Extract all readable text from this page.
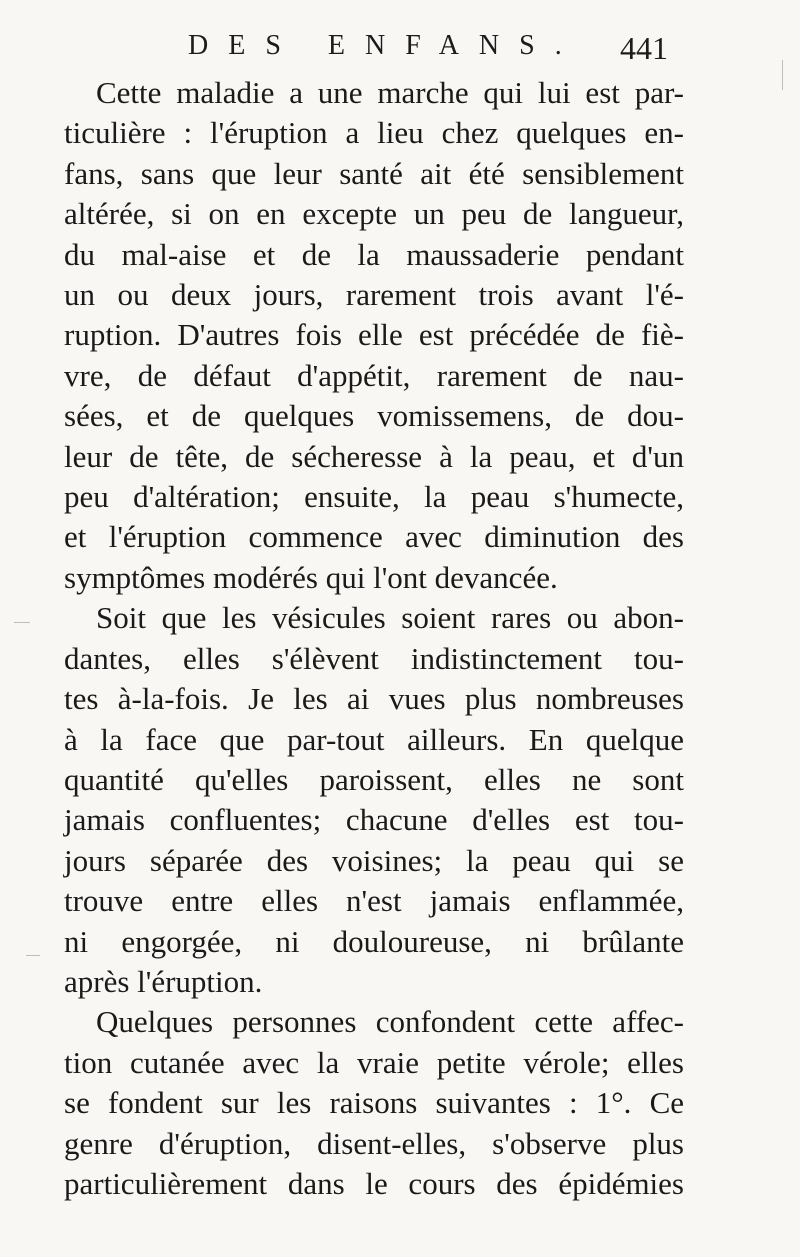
DES ENFANS. 441

Cette maladie a une marche qui lui est par-
ticulière : l'éruption a lieu chez quelques en-
fans, sans que leur santé ait été sensiblement
altérée, si on en excepte un peu de langueur,
du mal-aise et de la maussaderie pendant
un ou deux jours, rarement trois avant l'é-
ruption. D'autres fois elle est précédée de fiè-
vre, de défaut d'appétit, rarement de nau-
sées, et de quelques vomissemens, de dou-
leur de tête, de sécheresse à la peau, et d'un
peu d'altération; ensuite, la peau s'humecte,
et l'éruption commence avec diminution des
symptômes modérés qui l'ont devancée.

Soit que les vésicules soient rares ou abon-
dantes, elles s'élèvent indistinctement tou-
tes à-la-fois. Je les ai vues plus nombreuses
à la face que par-tout ailleurs. En quelque
quantité qu'elles paroissent, elles ne sont
jamais confluentes; chacune d'elles est tou-
jours séparée des voisines; la peau qui se
trouve entre elles n'est jamais enflammée,
ni engorgée, ni douloureuse, ni brûlante
après l'éruption.

Quelques personnes confondent cette affec-
tion cutanée avec la vraie petite vérole; elles
se fondent sur les raisons suivantes : 1°. Ce
genre d'éruption, disent-elles, s'observe plus
particulièrement dans le cours des épidémies
